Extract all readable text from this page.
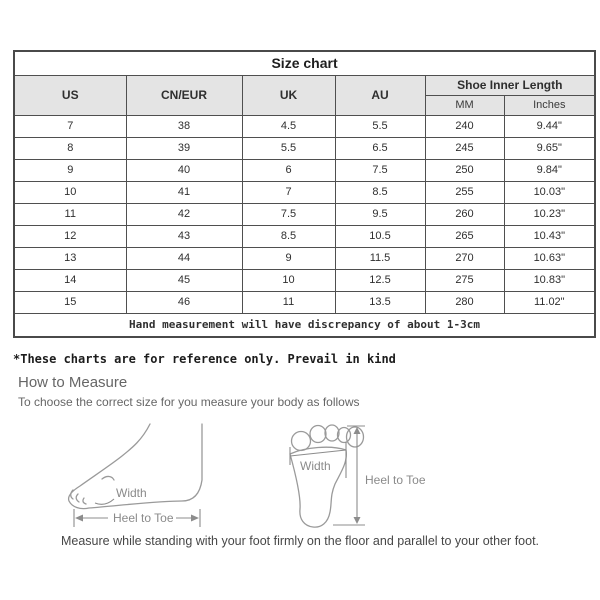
Size chart					
US	CN/EUR	UK	AU	Shoe Inner Length	
				MM	Inches
7	38	4.5	5.5	240	9.44"
8	39	5.5	6.5	245	9.65"
9	40	6	7.5	250	9.84"
10	41	7	8.5	255	10.03"
11	42	7.5	9.5	260	10.23"
12	43	8.5	10.5	265	10.43"
13	44	9	11.5	270	10.63"
14	45	10	12.5	275	10.83"
15	46	11	13.5	280	11.02"
Hand measurement will have discrepancy of about 1-3cm					
*These charts are for reference only. Prevail in kind
How to Measure
To choose the correct size for you measure your body as follows
Width
Heel to Toe
Width
Heel to Toe
Measure while standing with your foot firmly on the floor and parallel to your other foot.
